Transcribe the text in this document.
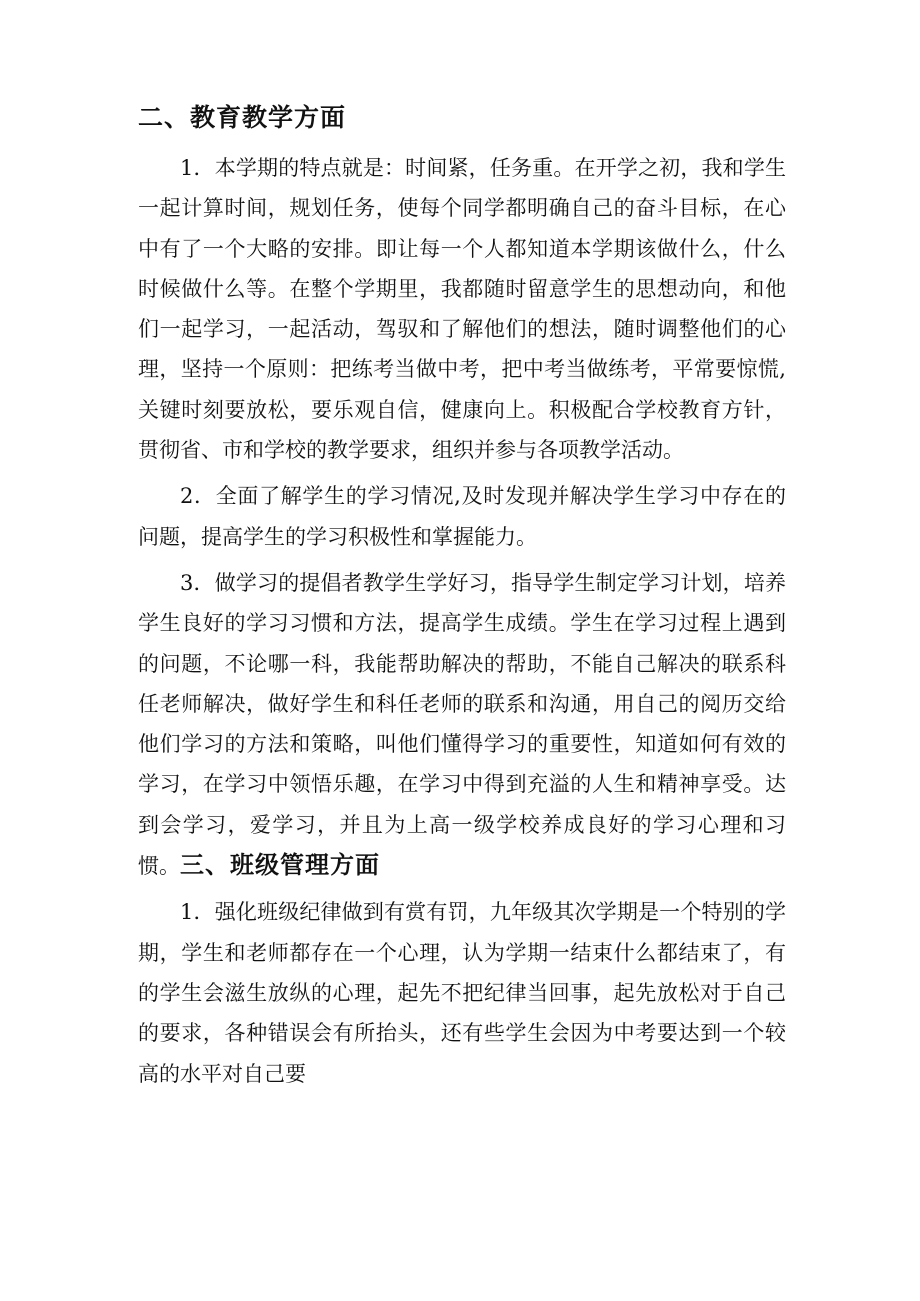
二、教育教学方面

1．本学期的特点就是：时间紧，任务重。在开学之初，我和学生一起计算时间，规划任务，使每个同学都明确自己的奋斗目标，在心中有了一个大略的安排。即让每一个人都知道本学期该做什么，什么时候做什么等。在整个学期里，我都随时留意学生的思想动向，和他们一起学习，一起活动，驾驭和了解他们的想法，随时调整他们的心理，坚持一个原则：把练考当做中考，把中考当做练考，平常要惊慌,关键时刻要放松，要乐观自信，健康向上。积极配合学校教育方针，贯彻省、市和学校的教学要求，组织并参与各项教学活动。

2．全面了解学生的学习情况,及时发现并解决学生学习中存在的问题，提高学生的学习积极性和掌握能力。

3．做学习的提倡者教学生学好习，指导学生制定学习计划，培养学生良好的学习习惯和方法，提高学生成绩。学生在学习过程上遇到的问题，不论哪一科，我能帮助解决的帮助，不能自己解决的联系科任老师解决，做好学生和科任老师的联系和沟通，用自己的阅历交给他们学习的方法和策略，叫他们懂得学习的重要性，知道如何有效的学习，在学习中领悟乐趣，在学习中得到充溢的人生和精神享受。达到会学习，爱学习，并且为上高一级学校养成良好的学习心理和习惯。三、班级管理方面

1．强化班级纪律做到有赏有罚，九年级其次学期是一个特别的学期，学生和老师都存在一个心理，认为学期一结束什么都结束了，有的学生会滋生放纵的心理，起先不把纪律当回事，起先放松对于自己的要求，各种错误会有所抬头，还有些学生会因为中考要达到一个较高的水平对自己要
